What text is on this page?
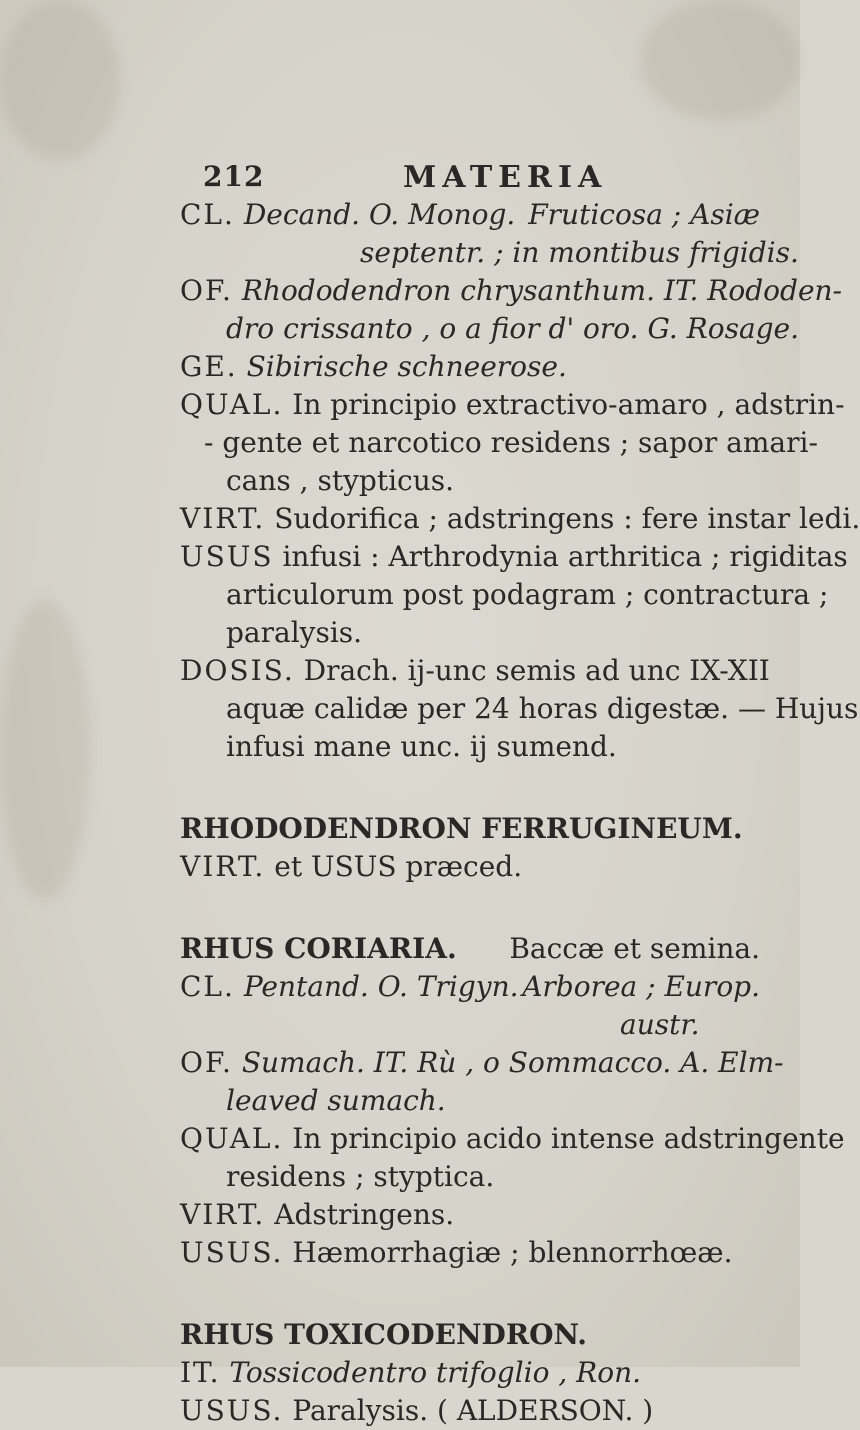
212	MATERIA
CL. Decand. O. Monog. Fruticosa ; Asiæ
septentr. ; in montibus frigidis.
OF. Rhododendron chrysanthum. IT. Rododen-
dro crissanto , o a fior d' oro. G. Rosage.
GE. Sibirische schneerose.
QUAL. In principio extractivo-amaro , adstrin-
- gente et narcotico residens ; sapor amari-
cans , stypticus.
VIRT. Sudorifica ; adstringens : fere instar ledi.
USUS infusi : Arthrodynia arthritica ; rigiditas
articulorum post podagram ; contractura ;
paralysis.
DOSIS. Drach. ij-unc semis ad unc IX-XII
aquæ calidæ per 24 horas digestæ. — Hujus
infusi mane unc. ij sumend.
RHODODENDRON FERRUGINEUM.
VIRT. et USUS præced.
RHUS CORIARIA. Baccæ et semina.
CL. Pentand. O. Trigyn. Arborea ; Europ.
austr.
OF. Sumach. IT. Rù , o Sommacco. A. Elm-
leaved sumach.
QUAL. In principio acido intense adstringente
residens ; styptica.
VIRT. Adstringens.
USUS. Hæmorrhagiæ ; blennorrhœæ.
RHUS TOXICODENDRON.
IT. Tossicodentro trifoglio , Ron.
USUS. Paralysis. ( ALDERSON. )
